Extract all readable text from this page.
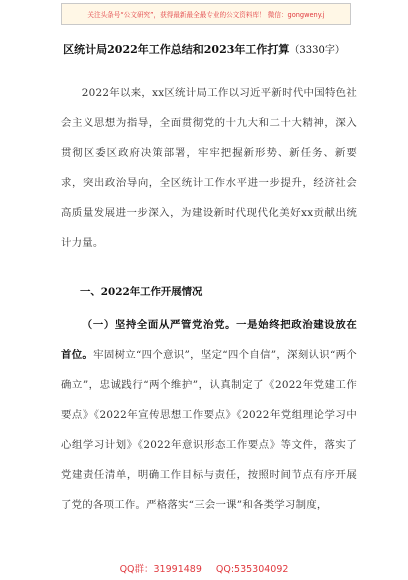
关注头条号“公文研究”，获得最新最全最专业的公文资料库！ 微信：gongweny.j
区统计局2022年工作总结和2023年工作打算（3330字）

2022年以来，xx区统计局工作以习近平新时代中国特色社会主义思想为指导，全面贯彻党的十九大和二十大精神，深入贯彻区委区政府决策部署，牢牢把握新形势、新任务、新要求，突出政治导向，全区统计工作水平进一步提升，经济社会高质量发展进一步深入，为建设新时代现代化美好xx贡献出统计力量。

一、2022年工作开展情况

（一）坚持全面从严管党治党。一是始终把政治建设放在首位。牢固树立“四个意识”，坚定“四个自信”，深刻认识“两个确立”，忠诚践行“两个维护”，认真制定了《2022年党建工作要点》《2022年宣传思想工作要点》《2022年党组理论学习中心组学习计划》《2022年意识形态工作要点》等文件，落实了党建责任清单，明确工作目标与责任，按照时间节点有序开展了党的各项工作。严格落实“三会一课”和各类学习制度，

QQ群：31991489 QQ:535304092
